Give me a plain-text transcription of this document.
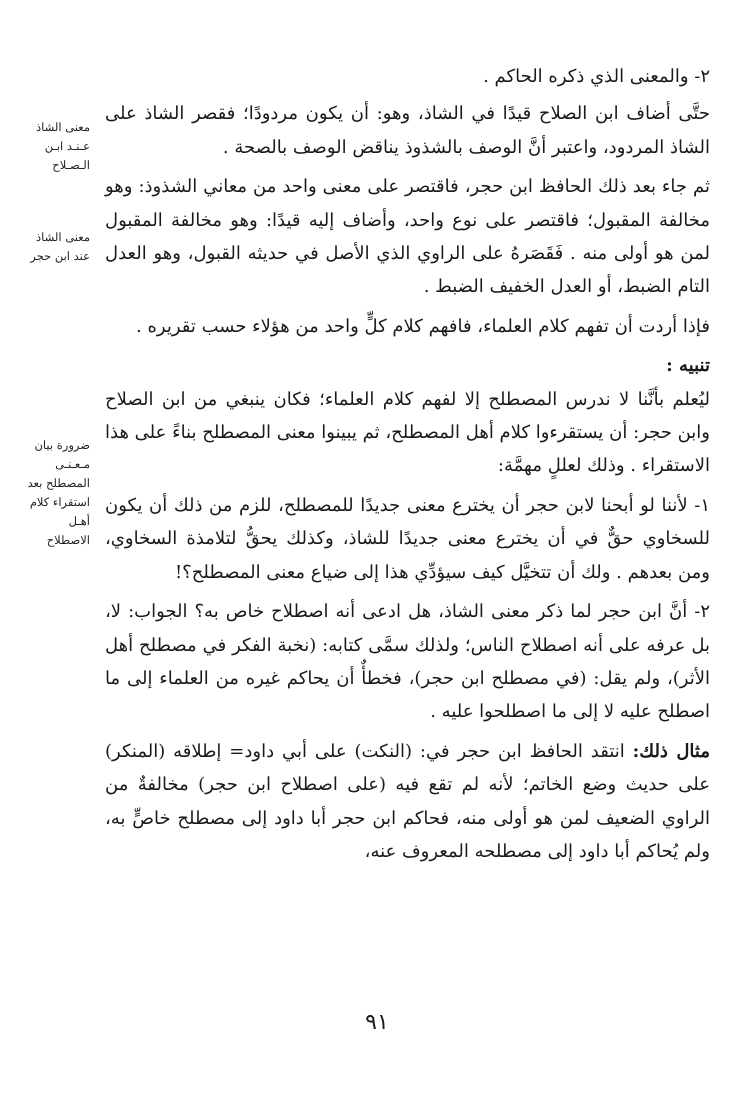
معنى الشاذ
عـنـد ابـن
الـصـلاح
معنى الشاذ
عند ابن حجر
ضرورة بيان
مـعـنـى
المصطلح بعد
استقراء كلام
أهـل
الاصطلاح

٢- والمعنى الذي ذكره الحاكم .

حتَّى أضاف ابن الصلاح قيدًا في الشاذ، وهو: أن يكون مردودًا؛ فقصر الشاذ على الشاذ المردود، واعتبر أنَّ الوصف بالشذوذ يناقض الوصف بالصحة .

ثم جاء بعد ذلك الحافظ ابن حجر، فاقتصر على معنى واحد من معاني الشذوذ: وهو مخالفة المقبول؛ فاقتصر على نوع واحد، وأضاف إليه قيدًا: وهو مخالفة المقبول لمن هو أولى منه . فَقَصَرهُ على الراوي الذي الأصل في حديثه القبول، وهو العدل التام الضبط، أو العدل الخفيف الضبط .

فإذا أردت أن تفهم كلام العلماء، فافهم كلام كلٍّ واحد من هؤلاء حسب تقريره .

تنبيه :

ليُعلم بأنَّنا لا ندرس المصطلح إلا لفهم كلام العلماء؛ فكان ينبغي من ابن الصلاح وابن حجر: أن يستقرءوا كلام أهل المصطلح، ثم يبينوا معنى المصطلح بناءً على هذا الاستقراء . وذلك لعللٍ مهمَّة:

١- لأننا لو أبحنا لابن حجر أن يخترع معنى جديدًا للمصطلح، للزم من ذلك أن يكون للسخاوي حقٌّ في أن يخترع معنى جديدًا للشاذ، وكذلك يحقُّ لتلامذة السخاوي، ومن بعدهم . ولك أن تتخيَّل كيف سيؤدِّي هذا إلى ضياع معنى المصطلح؟!

٢- أنَّ ابن حجر لما ذكر معنى الشاذ، هل ادعى أنه اصطلاح خاص به؟ الجواب: لا، بل عرفه على أنه اصطلاح الناس؛ ولذلك سمَّى كتابه: (نخبة الفكر في مصطلح أهل الأثر)، ولم يقل: (في مصطلح ابن حجر)، فخطأٌ أن يحاكم غيره من العلماء إلى ما اصطلح عليه لا إلى ما اصطلحوا عليه .

مثال ذلك: انتقد الحافظ ابن حجر في: (النكت) على أبي داود= إطلاقه (المنكر) على حديث وضع الخاتم؛ لأنه لم تقع فيه (على اصطلاح ابن حجر) مخالفةٌ من الراوي الضعيف لمن هو أولى منه، فحاكم ابن حجر أبا داود إلى مصطلح خاصٍّ به، ولم يُحاكم أبا داود إلى مصطلحه المعروف عنه،

٩١
